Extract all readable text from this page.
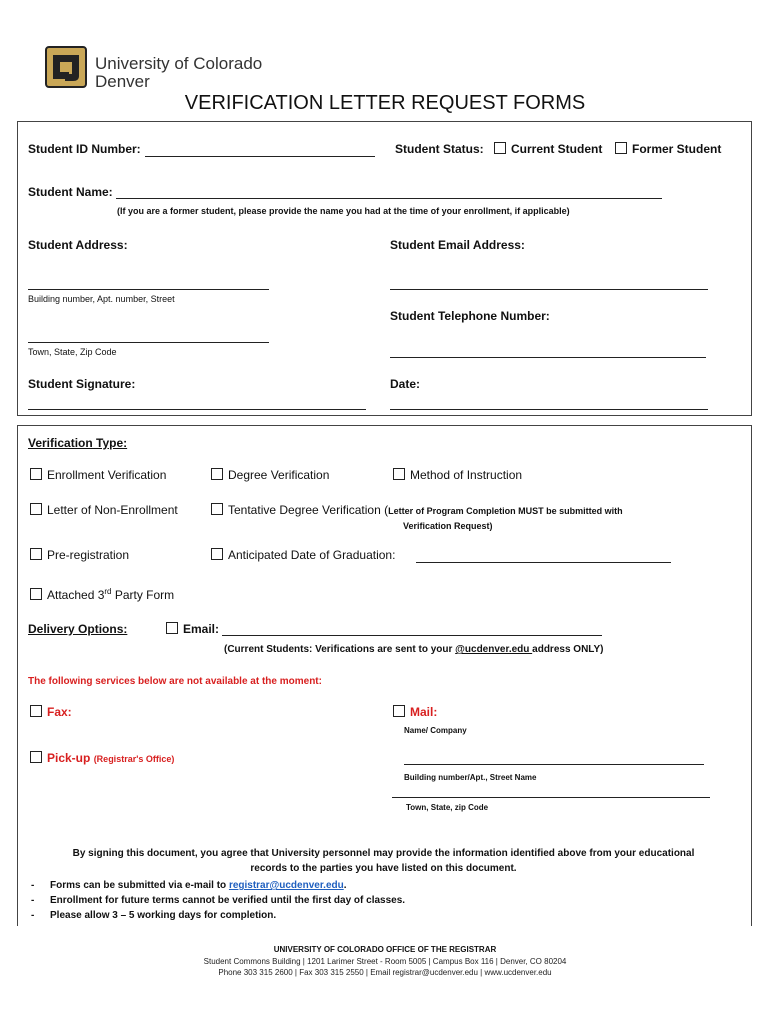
University of Colorado
Denver
VERIFICATION LETTER REQUEST FORMS
Student ID Number:	Student Status:	Current Student	Former Student
Student Name:
(If you are a former student, please provide the name you had at the time of your enrollment, if applicable)
Student Address:	Student Email Address:
Building number, Apt. number, Street
Student Telephone Number:
Town, State, Zip Code
Student Signature:	Date:
Verification Type:
Enrollment Verification	Degree Verification	Method of Instruction
Letter of Non-Enrollment	Tentative Degree Verification (Letter of Program Completion MUST be submitted with
Verification Request)
Pre-registration	Anticipated Date of Graduation:
Attached 3rd Party Form
Delivery Options:	Email:
(Current Students: Verifications are sent to your @ucdenver.edu address ONLY)
The following services below are not available at the moment:
Fax:	Mail:
Name/ Company
Pick-up (Registrar's Office)
Building number/Apt., Street Name
Town, State, zip Code
By signing this document, you agree that University personnel may provide the information identified above from your educational
records to the parties you have listed on this document.
- Forms can be submitted via e-mail to registrar@ucdenver.edu.
- Enrollment for future terms cannot be verified until the first day of classes.
- Please allow 3 – 5 working days for completion.
UNIVERSITY OF COLORADO OFFICE OF THE REGISTRAR
Student Commons Building | 1201 Larimer Street - Room 5005 | Campus Box 116 | Denver, CO 80204
Phone 303 315 2600 | Fax 303 315 2550 | Email registrar@ucdenver.edu | www.ucdenver.edu
